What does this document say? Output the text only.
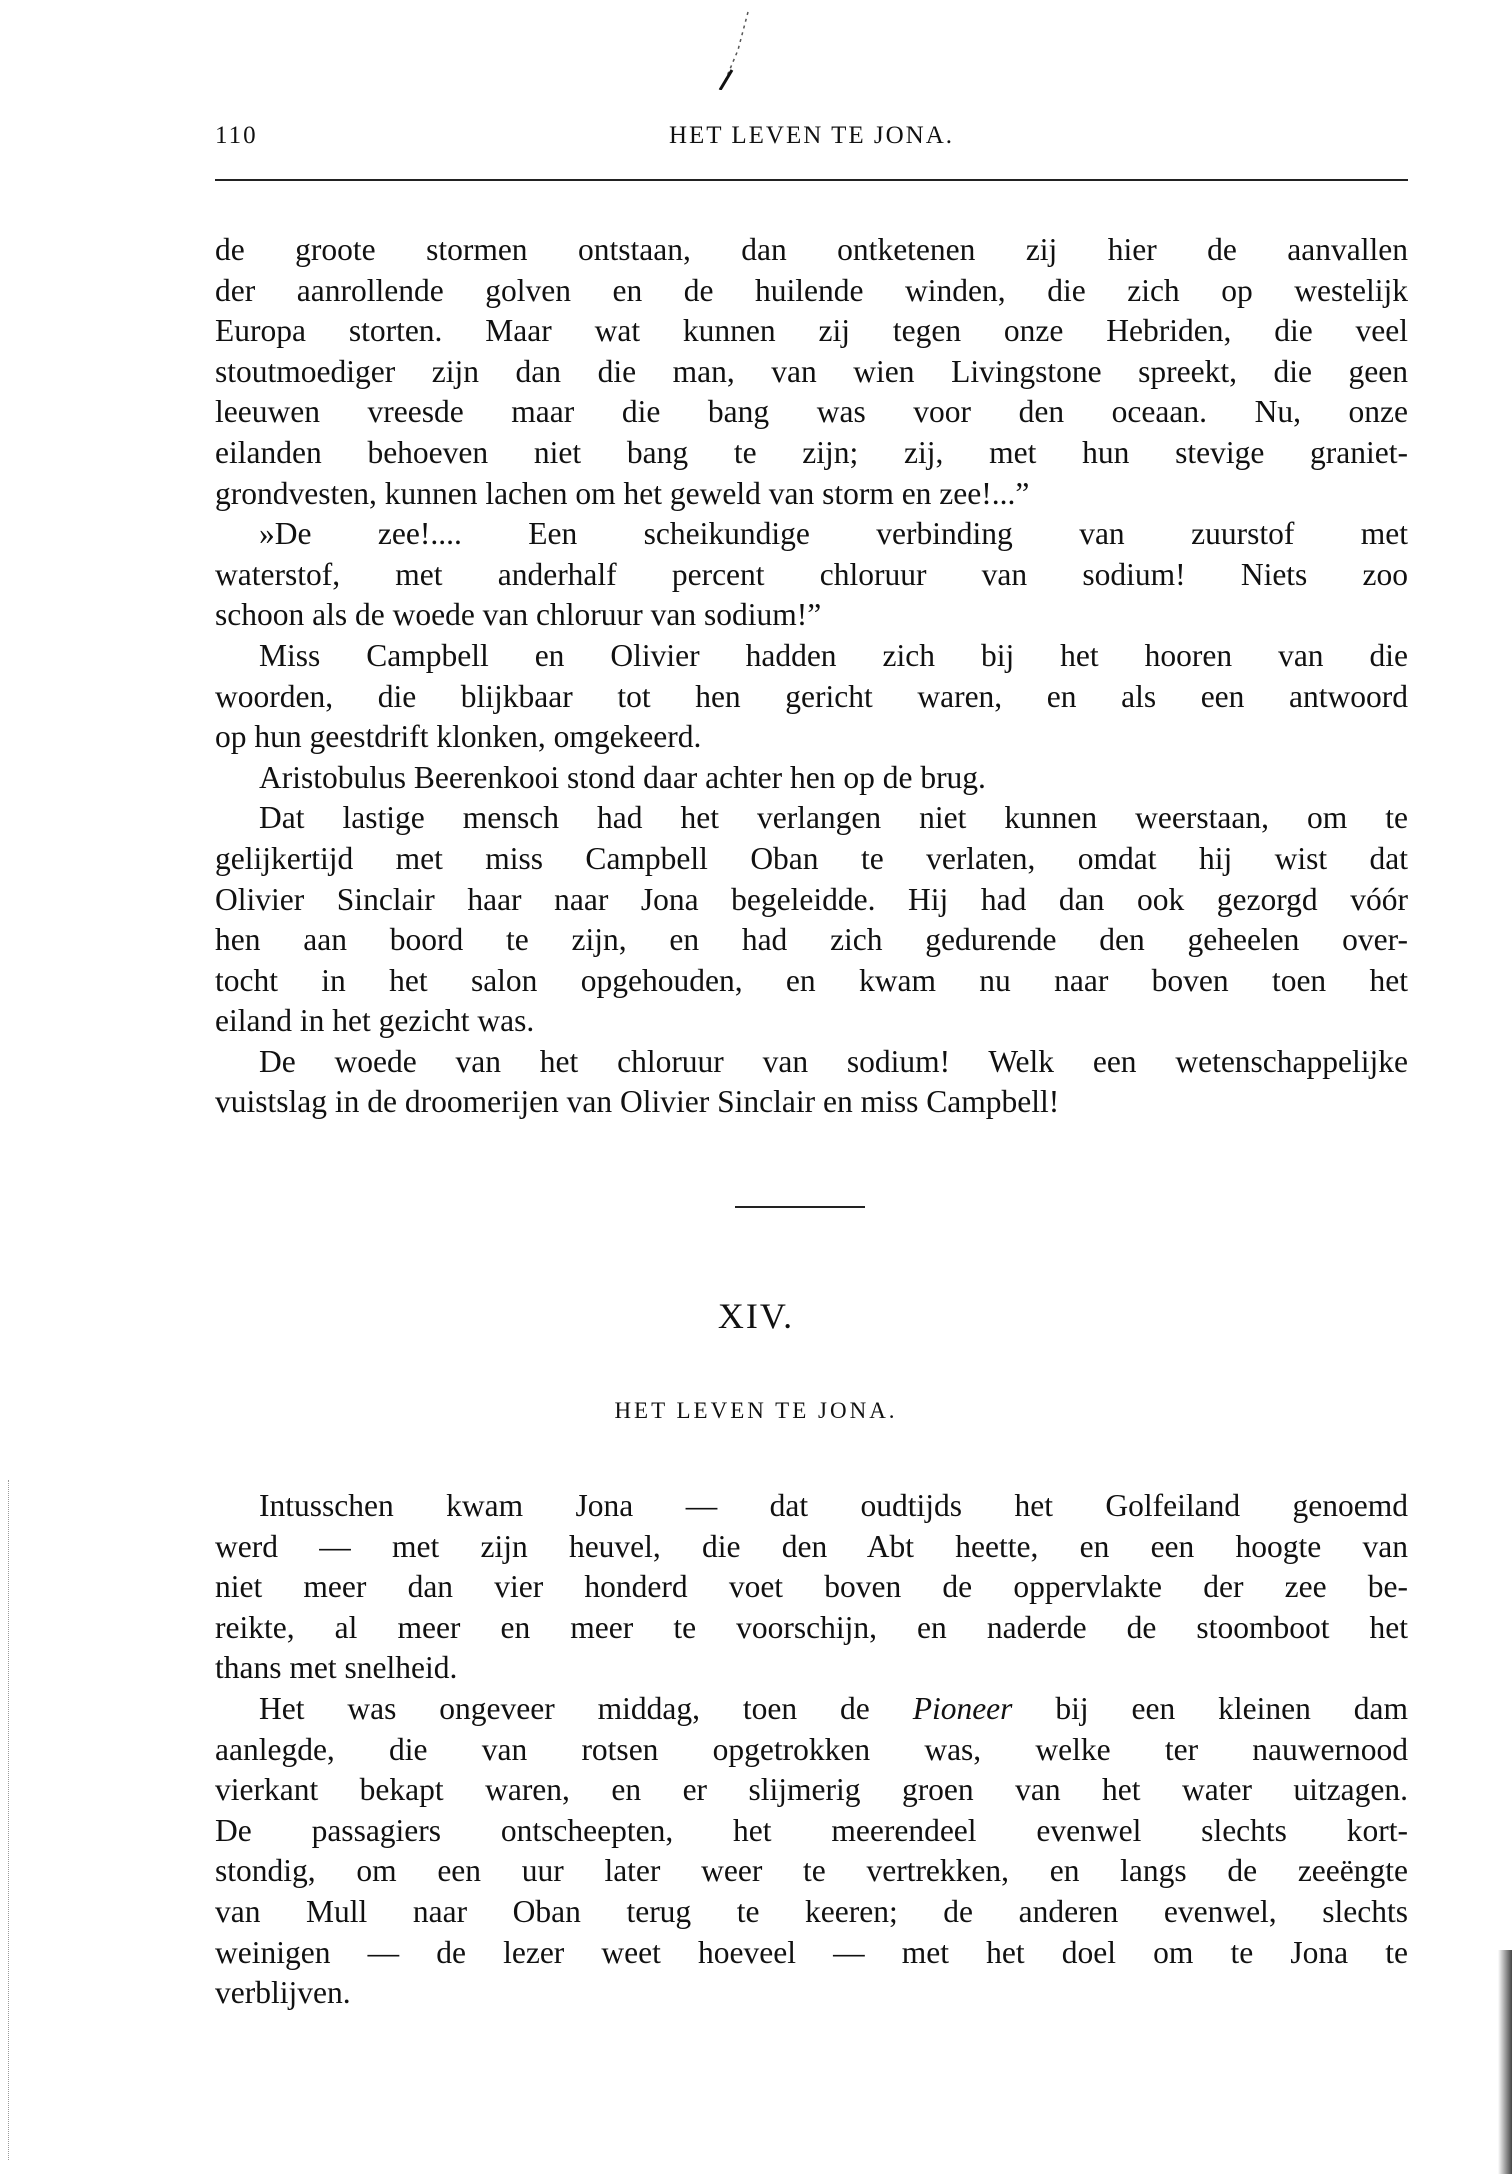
110	HET LEVEN TE JONA.
de groote stormen ontstaan, dan ontketenen zij hier de aanvallen
der aanrollende golven en de huilende winden, die zich op westelijk
Europa storten. Maar wat kunnen zij tegen onze Hebriden, die veel
stoutmoediger zijn dan die man, van wien Livingstone spreekt, die geen
leeuwen vreesde maar die bang was voor den oceaan. Nu, onze
eilanden behoeven niet bang te zijn; zij, met hun stevige graniet-
grondvesten, kunnen lachen om het geweld van storm en zee!...”
»De zee!.... Een scheikundige verbinding van zuurstof met
waterstof, met anderhalf percent chloruur van sodium! Niets zoo
schoon als de woede van chloruur van sodium!”
Miss Campbell en Olivier hadden zich bij het hooren van die
woorden, die blijkbaar tot hen gericht waren, en als een antwoord
op hun geestdrift klonken, omgekeerd.
Aristobulus Beerenkooi stond daar achter hen op de brug.
Dat lastige mensch had het verlangen niet kunnen weerstaan, om te
gelijkertijd met miss Campbell Oban te verlaten, omdat hij wist dat
Olivier Sinclair haar naar Jona begeleidde. Hij had dan ook gezorgd vóór
hen aan boord te zijn, en had zich gedurende den geheelen over-
tocht in het salon opgehouden, en kwam nu naar boven toen het
eiland in het gezicht was.
De woede van het chloruur van sodium! Welk een wetenschappelijke
vuistslag in de droomerijen van Olivier Sinclair en miss Campbell!
XIV.
HET LEVEN TE JONA.
Intusschen kwam Jona — dat oudtijds het Golfeiland genoemd
werd — met zijn heuvel, die den Abt heette, en een hoogte van
niet meer dan vier honderd voet boven de oppervlakte der zee be-
reikte, al meer en meer te voorschijn, en naderde de stoomboot het
thans met snelheid.
Het was ongeveer middag, toen de Pioneer bij een kleinen dam
aanlegde, die van rotsen opgetrokken was, welke ter nauwernood
vierkant bekapt waren, en er slijmerig groen van het water uitzagen.
De passagiers ontscheepten, het meerendeel evenwel slechts kort-
stondig, om een uur later weer te vertrekken, en langs de zeeëngte
van Mull naar Oban terug te keeren; de anderen evenwel, slechts
weinigen — de lezer weet hoeveel — met het doel om te Jona te
verblijven.
